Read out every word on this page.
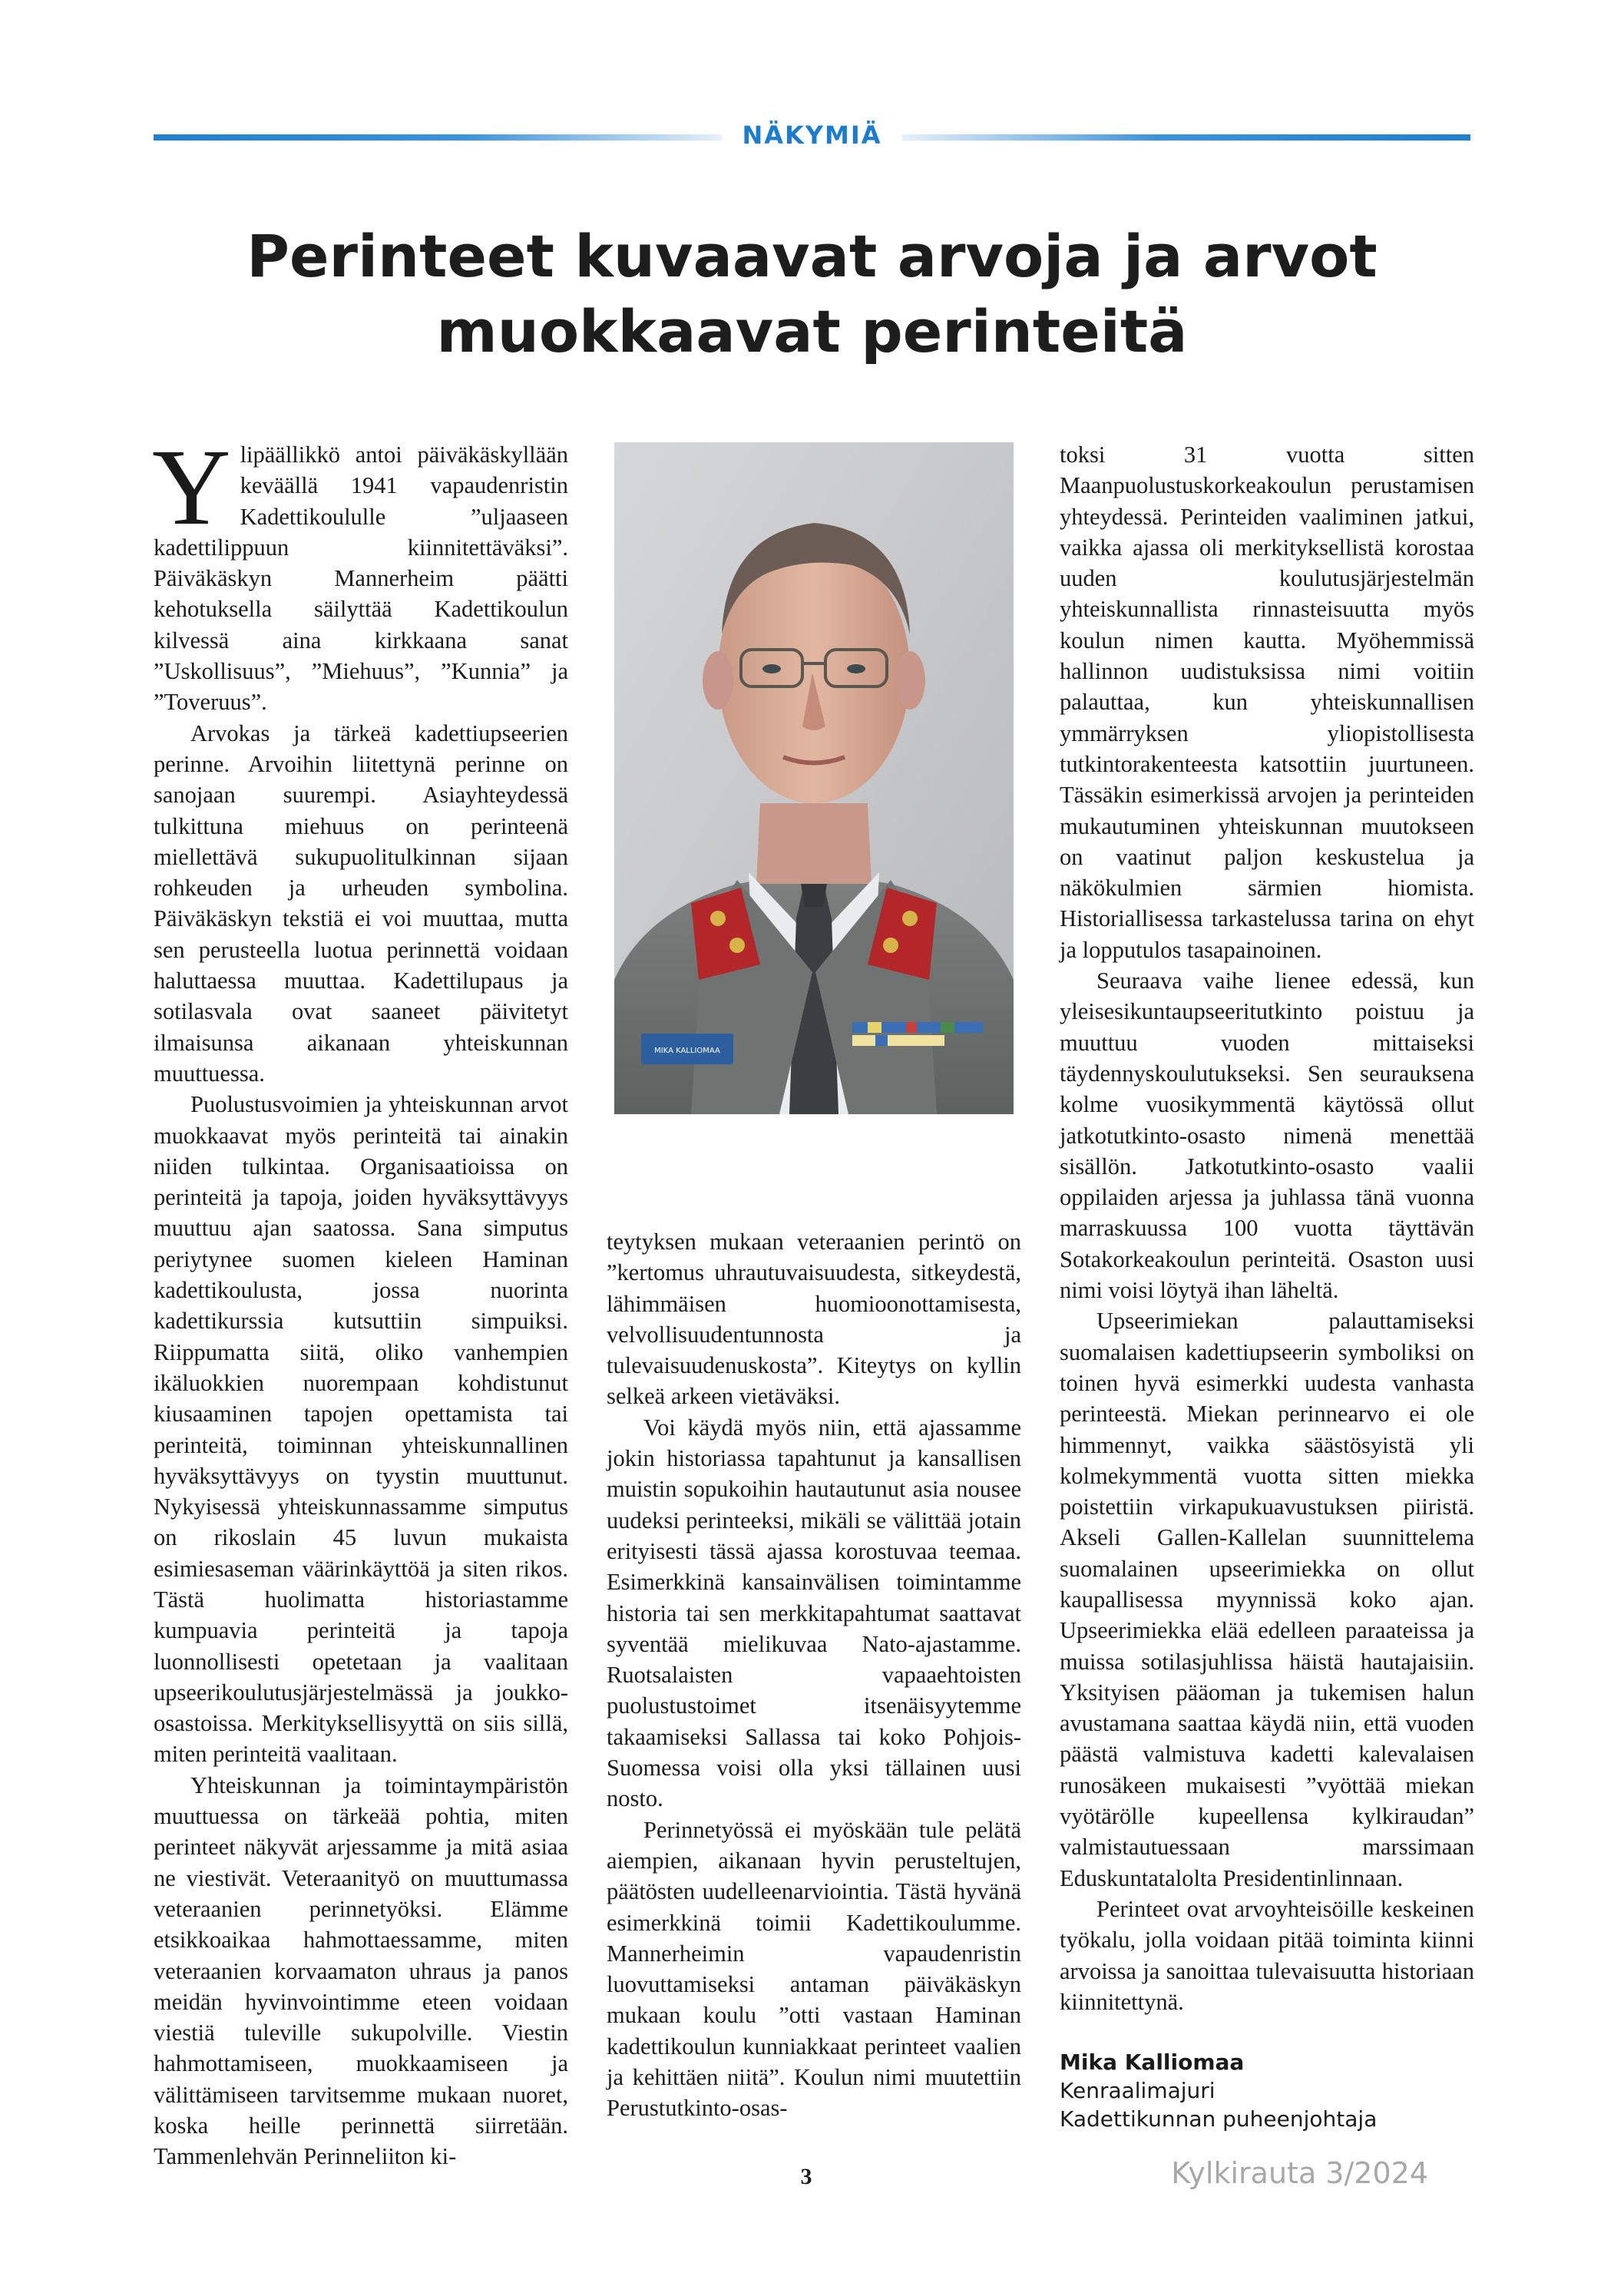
NÄKYMIÄ
Perinteet kuvaavat arvoja ja arvot
muokkaavat perinteitä

Ylipäällikkö antoi päiväkäskyllään keväällä 1941 vapaudenristin Kadettikoululle ”uljaaseen kadettilippuun kiinnitettäväksi”. Päiväkäskyn Mannerheim päätti kehotuksella säilyttää Kadettikoulun kilvessä aina kirkkaana sanat ”Uskollisuus”, ”Miehuus”, ”Kunnia” ja ”Toveruus”.

Arvokas ja tärkeä kadettiupseerien perinne. Arvoihin liitettynä perinne on sanojaan suurempi. Asiayhteydessä tulkittuna miehuus on perinteenä miellettävä sukupuolitulkinnan sijaan rohkeuden ja urheuden symbolina. Päiväkäskyn tekstiä ei voi muuttaa, mutta sen perusteella luotua perinnettä voidaan haluttaessa muuttaa. Kadettilupaus ja sotilasvala ovat saaneet päivitetyt ilmaisunsa aikanaan yhteiskunnan muuttuessa.

Puolustusvoimien ja yhteiskunnan arvot muokkaavat myös perinteitä tai ainakin niiden tulkintaa. Organisaatioissa on perinteitä ja tapoja, joiden hyväksyttävyys muuttuu ajan saatossa. Sana simputus periytynee suomen kieleen Haminan kadettikoulusta, jossa nuorinta kadettikurssia kutsuttiin simpuiksi. Riippumatta siitä, oliko vanhempien ikäluokkien nuorempaan kohdistunut kiusaaminen tapojen opettamista tai perinteitä, toiminnan yhteiskunnallinen hyväksyttävyys on tyystin muuttunut. Nykyisessä yhteiskunnassamme simputus on rikoslain 45 luvun mukaista esimiesaseman väärinkäyttöä ja siten rikos. Tästä huolimatta historiastamme kumpuavia perinteitä ja tapoja luonnollisesti opetetaan ja vaalitaan upseerikoulutusjärjestelmässä ja joukko-osastoissa. Merkityksellisyyttä on siis sillä, miten perinteitä vaalitaan.

Yhteiskunnan ja toimintaympäristön muuttuessa on tärkeää pohtia, miten perinteet näkyvät arjessamme ja mitä asiaa ne viestivät. Veteraanityö on muuttumassa veteraanien perinnetyöksi. Elämme etsikkoaikaa hahmottaessamme, miten veteraanien korvaamaton uhraus ja panos meidän hyvinvointimme eteen voidaan viestiä tuleville sukupolville. Viestin hahmottamiseen, muokkaamiseen ja välittämiseen tarvitsemme mukaan nuoret, koska heille perinnettä siirretään. Tammenlehvän Perinneliiton ki-

MIKA KALLIOMAA

teytyksen mukaan veteraanien perintö on ”kertomus uhrautuvaisuudesta, sitkeydestä, lähimmäisen huomioonottamisesta, velvollisuudentunnosta ja tulevaisuudenuskosta”. Kiteytys on kyllin selkeä arkeen vietäväksi.

Voi käydä myös niin, että ajassamme jokin historiassa tapahtunut ja kansallisen muistin sopukoihin hautautunut asia nousee uudeksi perinteeksi, mikäli se välittää jotain erityisesti tässä ajassa korostuvaa teemaa. Esimerkkinä kansainvälisen toimintamme historia tai sen merkkitapahtumat saattavat syventää mielikuvaa Nato-ajastamme. Ruotsalaisten vapaaehtoisten puolustustoimet itsenäisyytemme takaamiseksi Sallassa tai koko Pohjois-Suomessa voisi olla yksi tällainen uusi nosto.

Perinnetyössä ei myöskään tule pelätä aiempien, aikanaan hyvin perusteltujen, päätösten uudelleenarviointia. Tästä hyvänä esimerkkinä toimii Kadettikoulumme. Mannerheimin vapaudenristin luovuttamiseksi antaman päiväkäskyn mukaan koulu ”otti vastaan Haminan kadettikoulun kunniakkaat perinteet vaalien ja kehittäen niitä”. Koulun nimi muutettiin Perustutkinto-osas-

toksi 31 vuotta sitten Maanpuolustuskorkeakoulun perustamisen yhteydessä. Perinteiden vaaliminen jatkui, vaikka ajassa oli merkityksellistä korostaa uuden koulutusjärjestelmän yhteiskunnallista rinnasteisuutta myös koulun nimen kautta. Myöhemmissä hallinnon uudistuksissa nimi voitiin palauttaa, kun yhteiskunnallisen ymmärryksen yliopistollisesta tutkintorakenteesta katsottiin juurtuneen. Tässäkin esimerkissä arvojen ja perinteiden mukautuminen yhteiskunnan muutokseen on vaatinut paljon keskustelua ja näkökulmien särmien hiomista. Historiallisessa tarkastelussa tarina on ehyt ja lopputulos tasapainoinen.

Seuraava vaihe lienee edessä, kun yleisesikuntaupseeritutkinto poistuu ja muuttuu vuoden mittaiseksi täydennyskoulutukseksi. Sen seurauksena kolme vuosikymmentä käytössä ollut jatkotutkinto-osasto nimenä menettää sisällön. Jatkotutkinto-osasto vaalii oppilaiden arjessa ja juhlassa tänä vuonna marraskuussa 100 vuotta täyttävän Sotakorkeakoulun perinteitä. Osaston uusi nimi voisi löytyä ihan läheltä.

Upseerimiekan palauttamiseksi suomalaisen kadettiupseerin symboliksi on toinen hyvä esimerkki uudesta vanhasta perinteestä. Miekan perinnearvo ei ole himmennyt, vaikka säästösyistä yli kolmekymmentä vuotta sitten miekka poistettiin virkapukuavustuksen piiristä. Akseli Gallen-Kallelan suunnittelema suomalainen upseerimiekka on ollut kaupallisessa myynnissä koko ajan. Upseerimiekka elää edelleen paraateissa ja muissa sotilasjuhlissa häistä hautajaisiin. Yksityisen pääoman ja tukemisen halun avustamana saattaa käydä niin, että vuoden päästä valmistuva kadetti kalevalaisen runosäkeen mukaisesti ”vyöttää miekan vyötärölle kupeellensa kylkiraudan” valmistautuessaan marssimaan Eduskuntatalolta Presidentinlinnaan.

Perinteet ovat arvoyhteisöille keskeinen työkalu, jolla voidaan pitää toiminta kiinni arvoissa ja sanoittaa tulevaisuutta historiaan kiinnitettynä.

Mika Kalliomaa
Kenraalimajuri
Kadettikunnan puheenjohtaja
3	Kylkirauta 3/2024
